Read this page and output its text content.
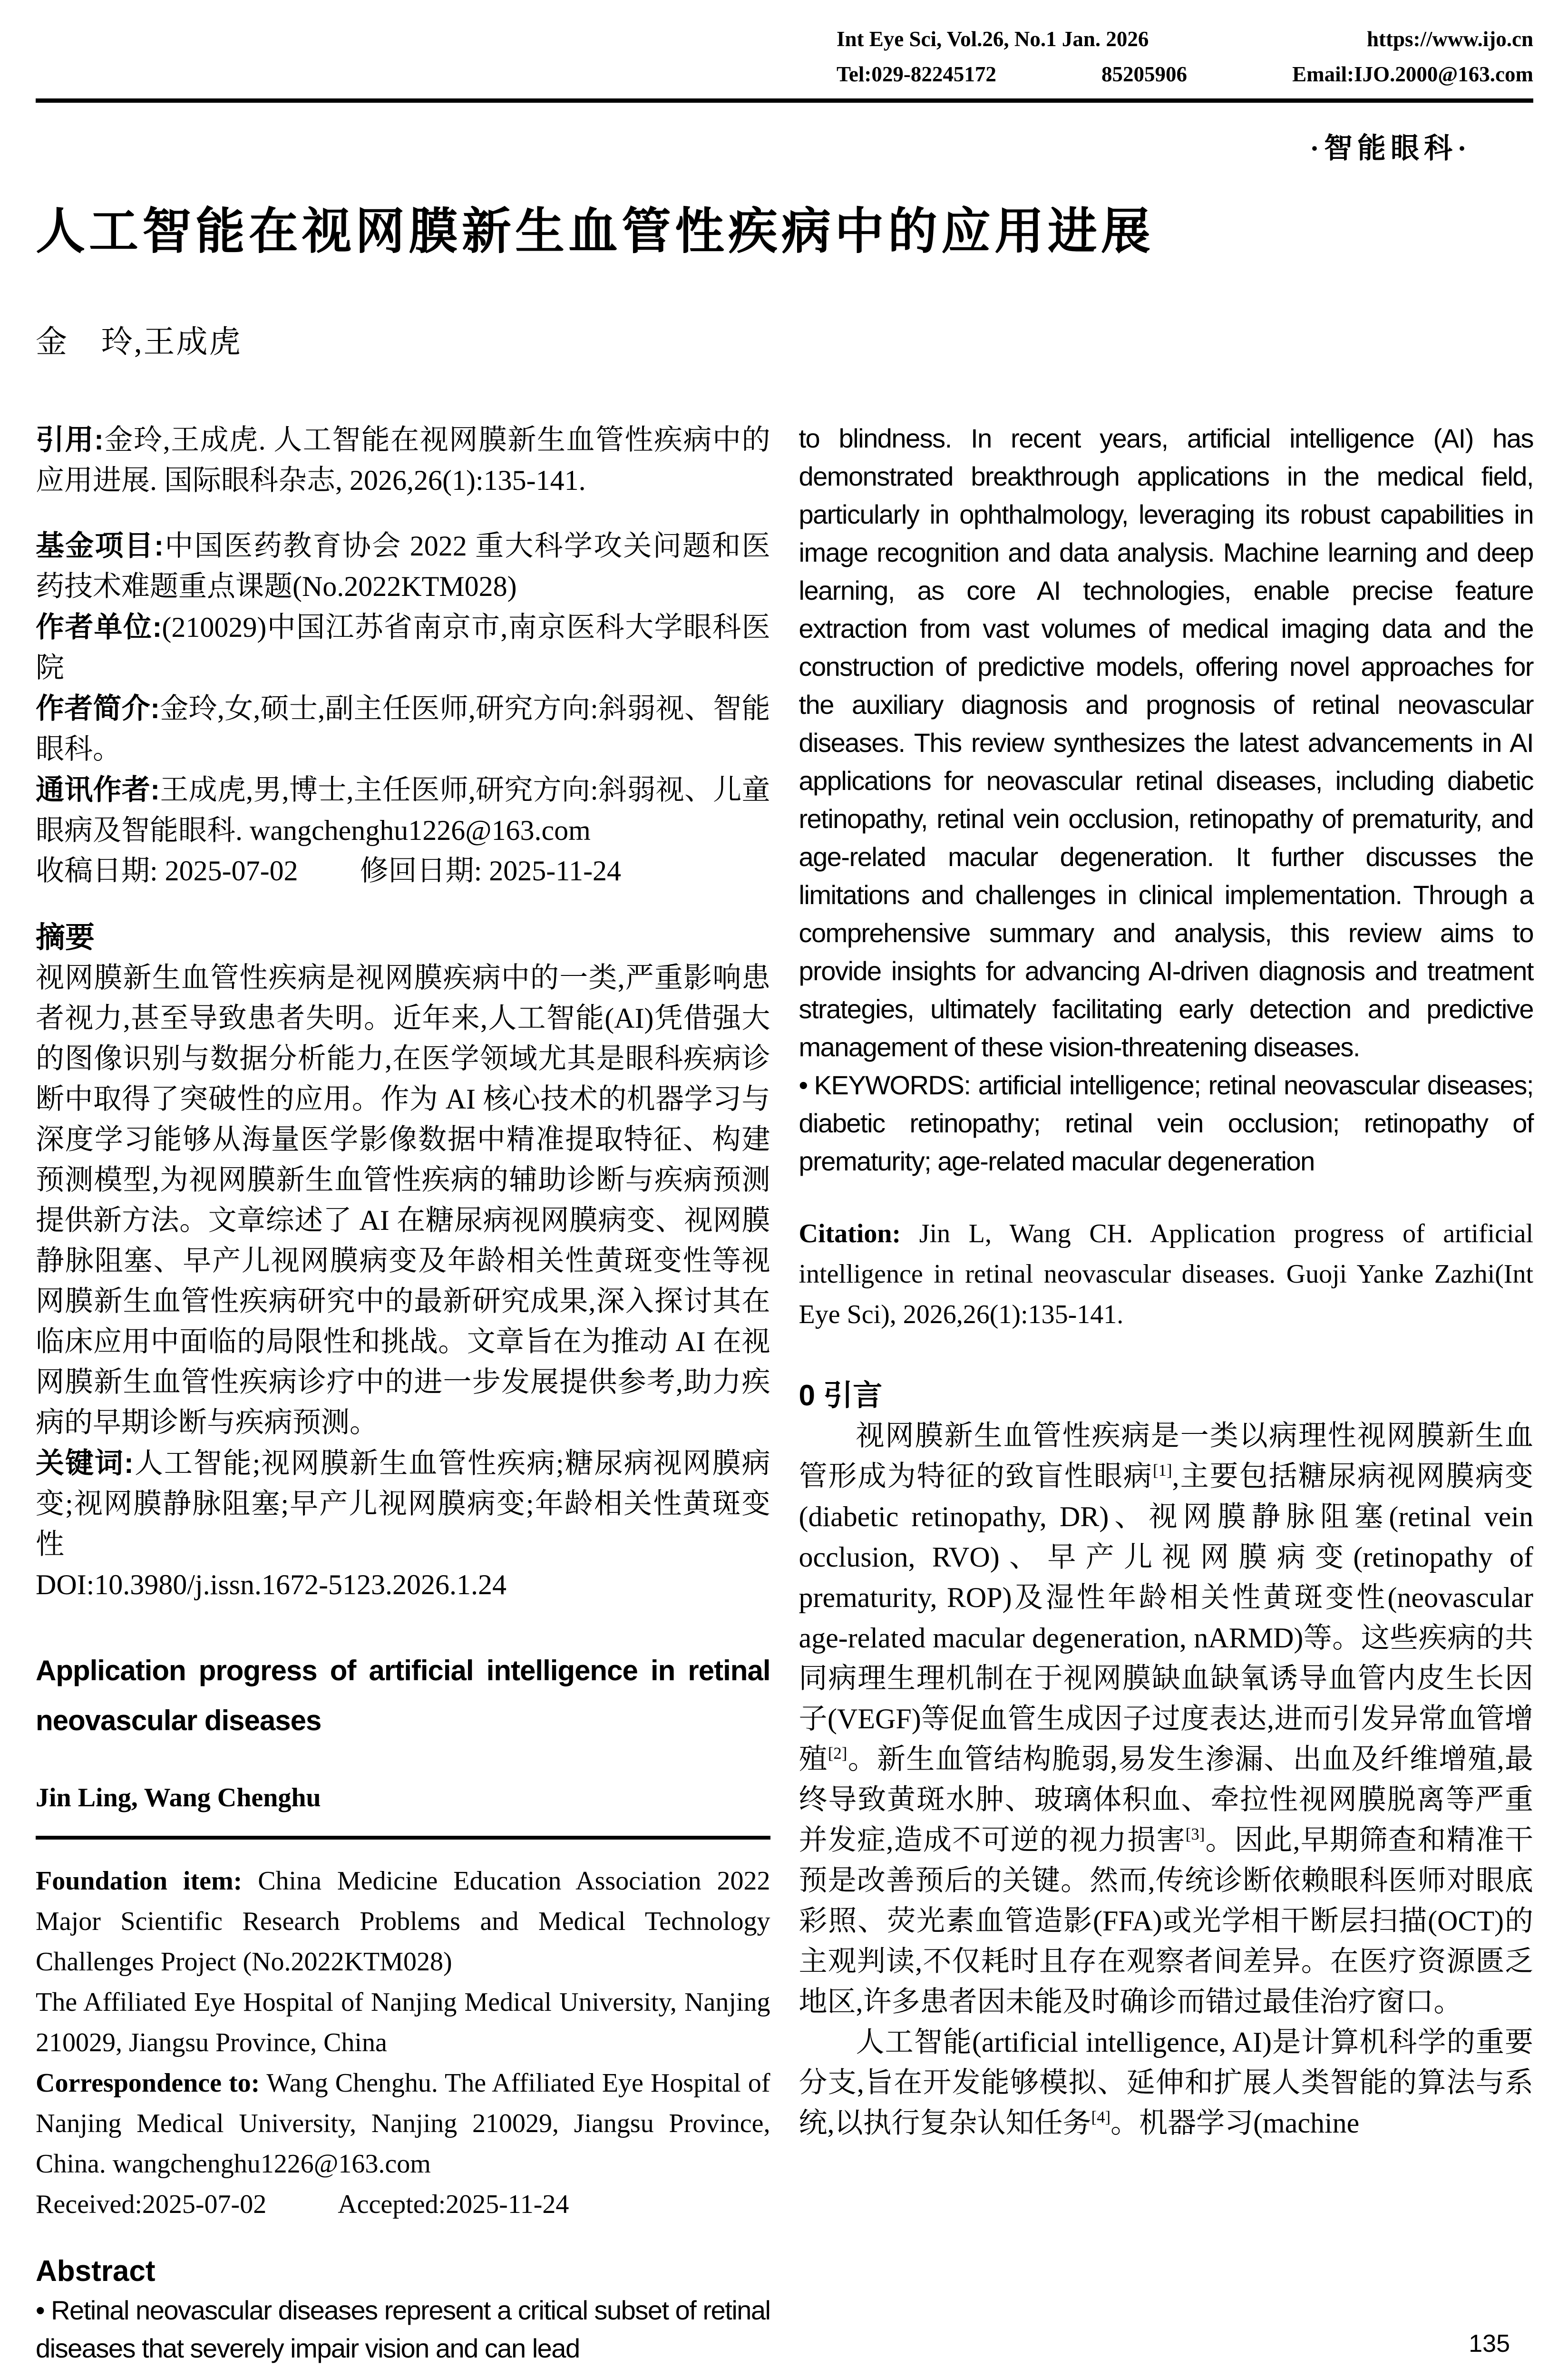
Int Eye Sci, Vol.26, No.1 Jan. 2026	https://www.ijo.cn
Tel:029-82245172	85205906	Email:IJO.2000@163.com
·智能眼科·
人工智能在视网膜新生血管性疾病中的应用进展
金　玲,王成虎

引用:金玲,王成虎. 人工智能在视网膜新生血管性疾病中的应用进展. 国际眼科杂志, 2026,26(1):135-141.

基金项目:中国医药教育协会 2022 重大科学攻关问题和医药技术难题重点课题(No.2022KTM028)

作者单位:(210029)中国江苏省南京市,南京医科大学眼科医院

作者简介:金玲,女,硕士,副主任医师,研究方向:斜弱视、智能眼科。

通讯作者:王成虎,男,博士,主任医师,研究方向:斜弱视、儿童眼病及智能眼科. wangchenghu1226@163.com

收稿日期: 2025-07-02 修回日期: 2025-11-24

摘要

视网膜新生血管性疾病是视网膜疾病中的一类,严重影响患者视力,甚至导致患者失明。近年来,人工智能(AI)凭借强大的图像识别与数据分析能力,在医学领域尤其是眼科疾病诊断中取得了突破性的应用。作为 AI 核心技术的机器学习与深度学习能够从海量医学影像数据中精准提取特征、构建预测模型,为视网膜新生血管性疾病的辅助诊断与疾病预测提供新方法。文章综述了 AI 在糖尿病视网膜病变、视网膜静脉阻塞、早产儿视网膜病变及年龄相关性黄斑变性等视网膜新生血管性疾病研究中的最新研究成果,深入探讨其在临床应用中面临的局限性和挑战。文章旨在为推动 AI 在视网膜新生血管性疾病诊疗中的进一步发展提供参考,助力疾病的早期诊断与疾病预测。

关键词:人工智能;视网膜新生血管性疾病;糖尿病视网膜病变;视网膜静脉阻塞;早产儿视网膜病变;年龄相关性黄斑变性

DOI:10.3980/j.issn.1672-5123.2026.1.24

Application progress of artificial intelligence in retinal neovascular diseases
Jin Ling, Wang Chenghu

Foundation item: China Medicine Education Association 2022 Major Scientific Research Problems and Medical Technology Challenges Project (No.2022KTM028)

The Affiliated Eye Hospital of Nanjing Medical University, Nanjing 210029, Jiangsu Province, China

Correspondence to: Wang Chenghu. The Affiliated Eye Hospital of Nanjing Medical University, Nanjing 210029, Jiangsu Province, China. wangchenghu1226@163.com

Received:2025-07-02	Accepted:2025-11-24

Abstract

• Retinal neovascular diseases represent a critical subset of retinal diseases that severely impair vision and can lead

to blindness. In recent years, artificial intelligence (AI) has demonstrated breakthrough applications in the medical field, particularly in ophthalmology, leveraging its robust capabilities in image recognition and data analysis. Machine learning and deep learning, as core AI technologies, enable precise feature extraction from vast volumes of medical imaging data and the construction of predictive models, offering novel approaches for the auxiliary diagnosis and prognosis of retinal neovascular diseases. This review synthesizes the latest advancements in AI applications for neovascular retinal diseases, including diabetic retinopathy, retinal vein occlusion, retinopathy of prematurity, and age-related macular degeneration. It further discusses the limitations and challenges in clinical implementation. Through a comprehensive summary and analysis, this review aims to provide insights for advancing AI-driven diagnosis and treatment strategies, ultimately facilitating early detection and predictive management of these vision-threatening diseases.

• KEYWORDS: artificial intelligence; retinal neovascular diseases; diabetic retinopathy; retinal vein occlusion; retinopathy of prematurity; age-related macular degeneration

Citation: Jin L, Wang CH. Application progress of artificial intelligence in retinal neovascular diseases. Guoji Yanke Zazhi(Int Eye Sci), 2026,26(1):135-141.

0 引言

视网膜新生血管性疾病是一类以病理性视网膜新生血管形成为特征的致盲性眼病[1],主要包括糖尿病视网膜病变(diabetic retinopathy, DR)、视网膜静脉阻塞(retinal vein occlusion, RVO)、早产儿视网膜病变(retinopathy of prematurity, ROP)及湿性年龄相关性黄斑变性(neovascular age-related macular degeneration, nARMD)等。这些疾病的共同病理生理机制在于视网膜缺血缺氧诱导血管内皮生长因子(VEGF)等促血管生成因子过度表达,进而引发异常血管增殖[2]。新生血管结构脆弱,易发生渗漏、出血及纤维增殖,最终导致黄斑水肿、玻璃体积血、牵拉性视网膜脱离等严重并发症,造成不可逆的视力损害[3]。因此,早期筛查和精准干预是改善预后的关键。然而,传统诊断依赖眼科医师对眼底彩照、荧光素血管造影(FFA)或光学相干断层扫描(OCT)的主观判读,不仅耗时且存在观察者间差异。在医疗资源匮乏地区,许多患者因未能及时确诊而错过最佳治疗窗口。

人工智能(artificial intelligence, AI)是计算机科学的重要分支,旨在开发能够模拟、延伸和扩展人类智能的算法与系统,以执行复杂认知任务[4]。机器学习(machine

135
